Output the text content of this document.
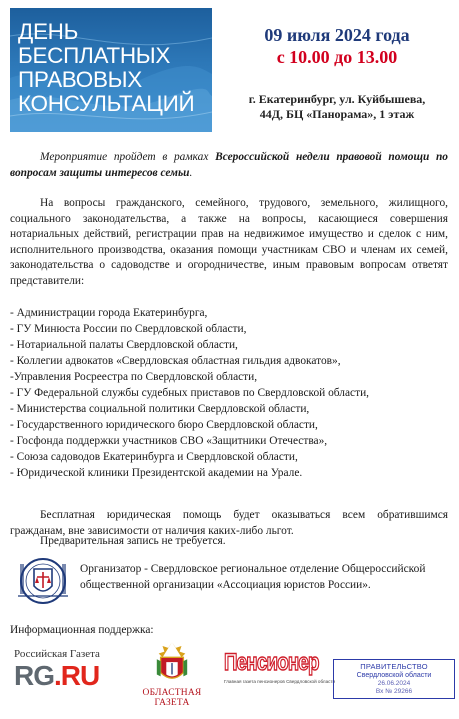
ДЕНЬ
БЕСПЛАТНЫХ
ПРАВОВЫХ
КОНСУЛЬТАЦИЙ
09 июля 2024 года
с 10.00 до 13.00
г. Екатеринбург, ул. Куйбышева,
44Д, БЦ «Панорама», 1 этаж

Мероприятие пройдет в рамках Всероссийской недели правовой помощи по вопросам защиты интересов семьи.

На вопросы гражданского, семейного, трудового, земельного, жилищного, социального законодательства, а также на вопросы, касающиеся совершения нотариальных действий, регистрации прав на недвижимое имущество и сделок с ним, исполнительного производства, оказания помощи участникам СВО и членам их семей, законодательства о садоводстве и огородничестве, иным правовым вопросам ответят представители:

- Администрации города Екатеринбурга,
- ГУ Минюста России по Свердловской области,
- Нотариальной палаты Свердловской области,
- Коллегии адвокатов «Свердловская областная гильдия адвокатов»,
-Управления Росреестра по Свердловской области,
- ГУ Федеральной службы судебных приставов по Свердловской области,
- Министерства социальной политики Свердловской области,
- Государственного юридического бюро Свердловской области,
- Госфонда поддержки участников СВО «Защитники Отечества»,
- Союза садоводов Екатеринбурга и Свердловской области,
- Юридической клиники Президентской академии на Урале.

Бесплатная юридическая помощь будет оказываться всем обратившимся гражданам, вне зависимости от наличия каких-либо льгот.

Предварительная запись не требуется.
Организатор - Свердловское региональное отделение Общероссийской общественной организации «Ассоциация юристов России».
Информационная поддержка:
Российская Газета
RG.RU
ОБЛАСТНАЯ
ГАЗЕТА
Пенсионер
Главная газета пенсионеров Свердловской области
ПРАВИТЕЛЬСТВО
Свердловской области
26.06.2024
Вх № 29266
